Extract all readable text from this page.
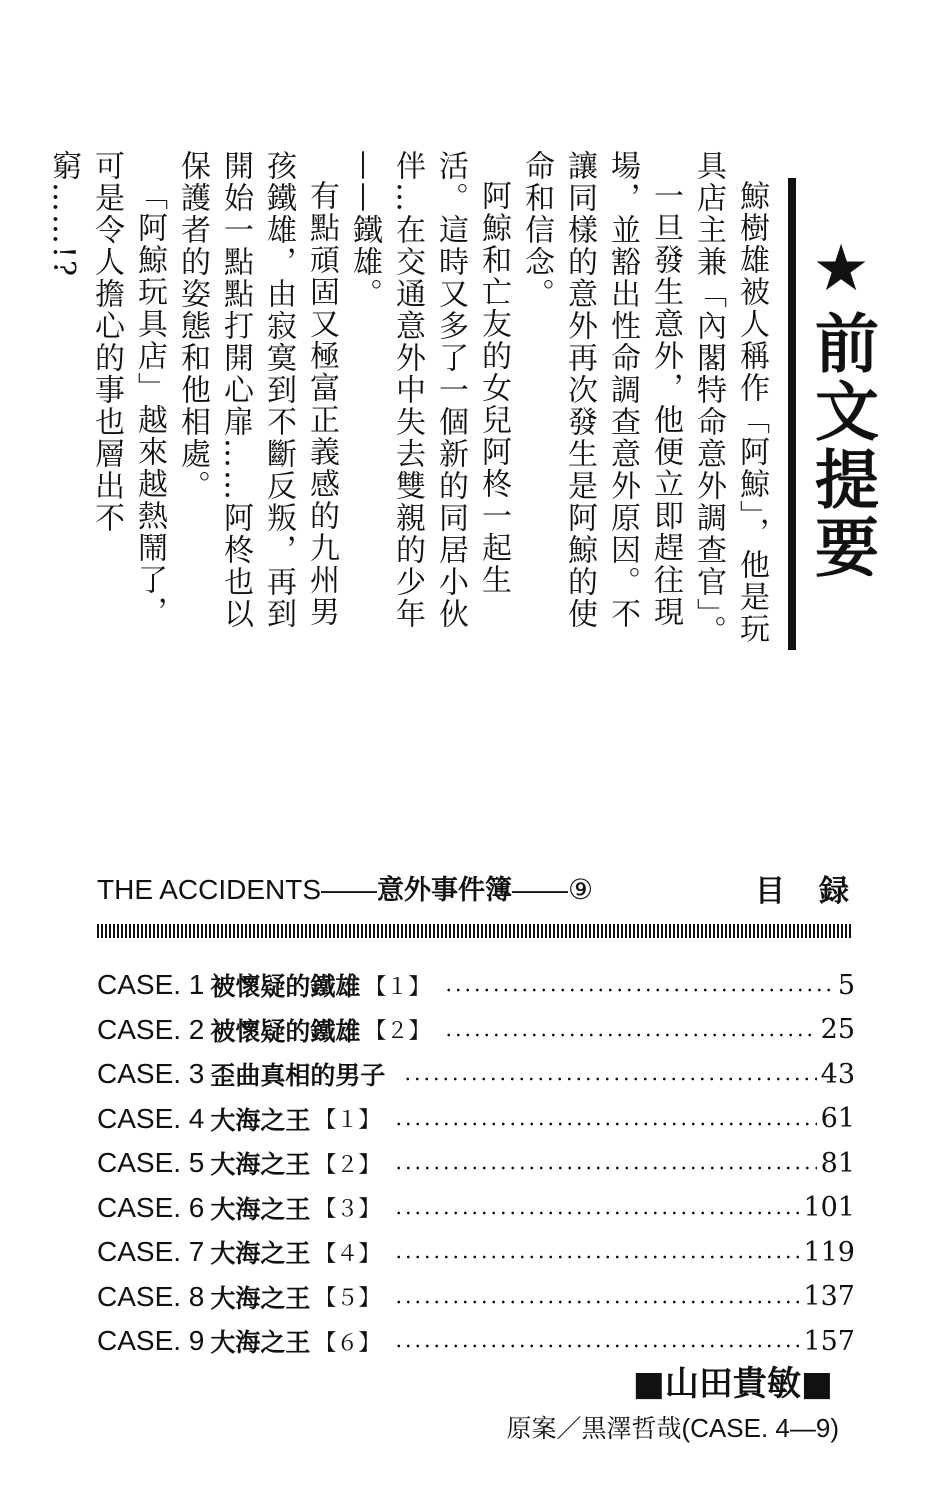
★前文提要

鯨樹雄被人稱作「阿鯨」，他是玩具店主兼「內閣特命意外調查官」。

一旦發生意外，他便立即趕往現場，並豁出性命調查意外原因。不讓同樣的意外再次發生是阿鯨的使命和信念。

阿鯨和亡友的女兒阿柊一起生活。這時又多了一個新的同居小伙伴…在交通意外中失去雙親的少年——鐵雄。

有點頑固又極富正義感的九州男孩鐵雄，由寂寞到不斷反叛，再到開始一點點打開心扉……阿柊也以保護者的姿態和他相處。

「阿鯨玩具店」越來越熱鬧了，可是令人擔心的事也層出不窮……!?

THE ACCIDENTS——意外事件簿——⑨	目録
CASE. 1 被懷疑的鐵雄 【１】	5
CASE. 2 被懷疑的鐵雄 【２】	25
CASE. 3 歪曲真相的男子	43
CASE. 4 大海之王 【１】	61
CASE. 5 大海之王 【２】	81
CASE. 6 大海之王 【３】	101
CASE. 7 大海之王 【４】	119
CASE. 8 大海之王 【５】	137
CASE. 9 大海之王 【６】	157
■山田貴敏■
原案／黒澤哲哉(CASE. 4—9)
